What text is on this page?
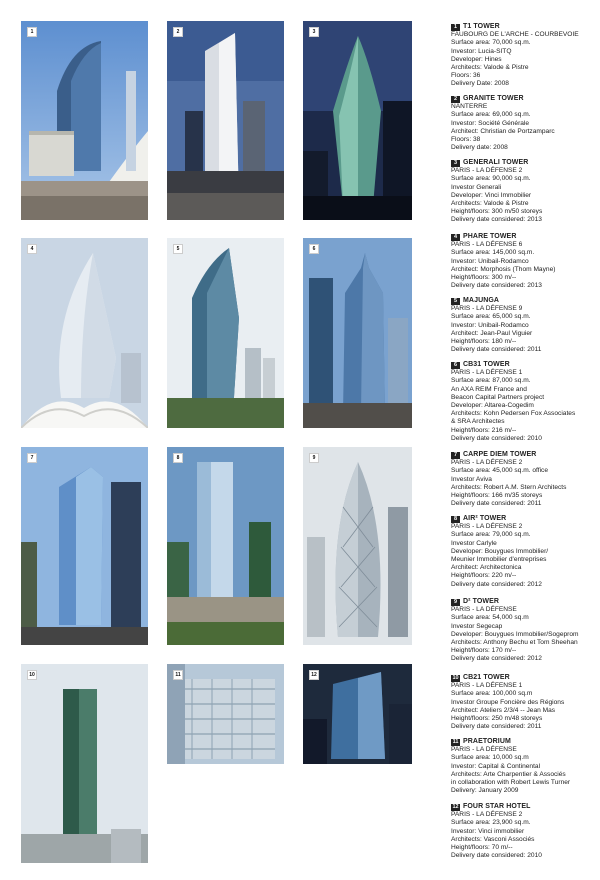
1	2	3
4	5	6
7	8	9
10	11	12
1 T1 TOWER
FAUBOURG DE L'ARCHE - COURBEVOIE
Surface area: 70,000 sq.m.
Investor: Lucia-SITQ
Developer: Hines
Architects: Valode & Pistre
Floors: 36
Delivery Date: 2008
2 GRANITE TOWER
NANTERRE
Surface area: 69,000 sq.m.
Investor: Société Générale
Architect: Christian de Portzamparc
Floors: 38
Delivery date: 2008
3 GENERALI TOWER
PARIS - LA DÉFENSE 2
Surface area: 90,000 sq.m.
Investor Generali
Developer: Vinci Immobilier
Architects: Valode & Pistre
Height/floors: 300 m/50 storeys
Delivery date considered: 2013
4 PHARE TOWER
PARIS - LA DÉFENSE 6
Surface area: 145,000 sq.m.
Investor: Unibail-Rodamco
Architect: Morphosis (Thom Mayne)
Height/floors: 300 m/--
Delivery date considered: 2013
5 MAJUNGA
PARIS - LA DÉFENSE 9
Surface area: 65,000 sq.m.
Investor: Unibail-Rodamco
Architect: Jean-Paul Viguier
Height/floors: 180 m/--
Delivery date considered: 2011
6 CB31 TOWER
PARIS - LA DÉFENSE 1
Surface area: 87,000 sq.m.
An AXA REIM France and
Beacon Capital Partners project
Developer: Altarea-Cogedim
Architects: Kohn Pedersen Fox Associates
& SRA Architectes
Height/floors: 216 m/--
Delivery date considered: 2010
7 CARPE DIEM TOWER
PARIS - LA DÉFENSE 2
Surface area: 45,000 sq.m. office
Investor Aviva
Architects: Robert A.M. Stern Architects
Height/floors: 166 m/35 storeys
Delivery date considered: 2011
8 AIR² TOWER
PARIS - LA DÉFENSE 2
Surface area: 79,000 sq.m.
Investor Carlyle
Developer: Bouygues Immobilier/
Meunier Immobilier d'entreprises
Architect: Architectonica
Height/floors: 220 m/--
Delivery date considered: 2012
9 D² TOWER
PARIS - LA DÉFENSE
Surface area: 54,000 sq.m
Investor Segecap
Developer: Bouygues Immobilier/Sogeprom
Architects: Anthony Bechu et Tom Sheehan
Height/floors: 170 m/--
Delivery date considered: 2012
10 CB21 TOWER
PARIS - LA DÉFENSE 1
Surface area: 100,000 sq.m
Investor Groupe Foncière des Régions
Architect: Ateliers 2/3/4 -- Jean Mas
Height/floors: 250 m/48 storeys
Delivery date considered: 2011
11 PRAETORIUM
PARIS - LA DÉFENSE
Surface area: 10,000 sq.m
Investor: Capital & Continental
Architects: Arte Charpentier & Associés
in collaboration with Robert Lewis Turner
Delivery: January 2009
12 FOUR STAR HOTEL
PARIS - LA DÉFENSE 2
Surface area: 23,900 sq.m.
Investor: Vinci immobilier
Architects: Vasconi Associés
Height/floors: 70 m/--
Delivery date considered: 2010
